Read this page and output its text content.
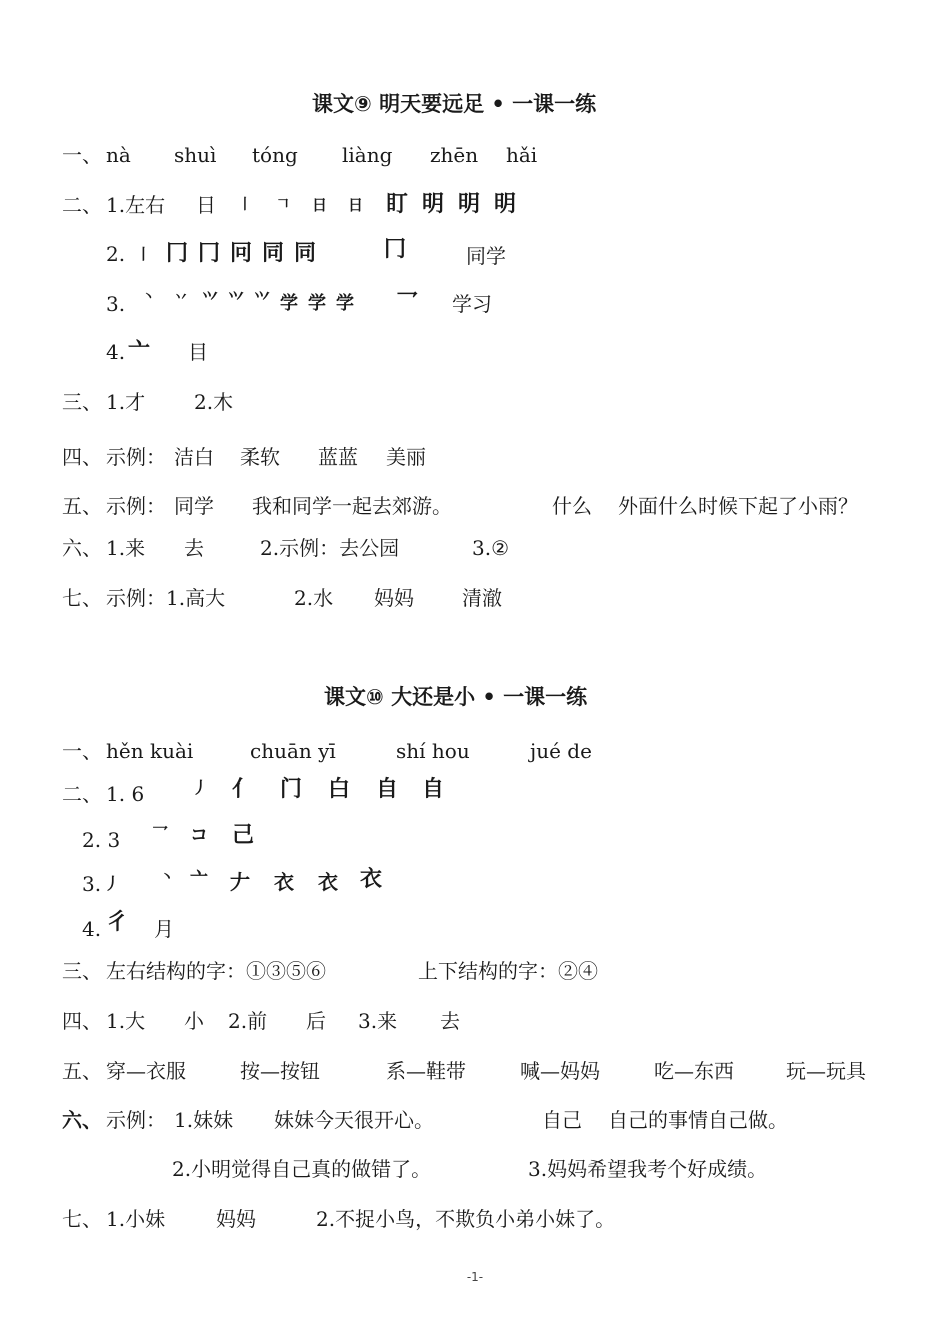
课文⑨ 明天要远足 • 一课一练
一、 nà shuì tóng liàng zhēn hǎi
二、 1.左右 日 丨 𠃍 日 日 盯 明 明 明
2. 丨 冂 冂 冋 同 同	冂	同学
3. 丶 丷 ⺍ ⺍ ⺍ 学 学 学 乛 学习
4. 亠 目
三、 1.才 2.木
四、 示例： 洁白 柔软 蓝蓝 美丽
五、 示例： 同学 我和同学一起去郊游。	什么 外面什么时候下起了小雨？
六、 1.来 去	2.示例：去公园	3.②
七、 示例：1.高大	2.水 妈妈 清澈
课文⑩ 大还是小 • 一课一练
一、 hěn kuài	chuān yī	shí hou	jué de
二、 1. 6	丿 亻 门 白 自 自
2. 3 乛 コ 己
3. 丿	丶 亠 𠂇 衣 衣 衣
4. 彳 月
三、 左右结构的字：①③⑤⑥	上下结构的字：②④
四、 1.大 小 2.前 后 3.来 去
五、 穿—衣服	按—按钮	系—鞋带	喊—妈妈	吃—东西	玩—玩具
六、 示例： 1.妹妹 妹妹今天很开心。	自己 自己的事情自己做。
2.小明觉得自己真的做错了。	3.妈妈希望我考个好成绩。
七、 1.小妹	妈妈	2.不捉小鸟，不欺负小弟小妹了。
-1-
